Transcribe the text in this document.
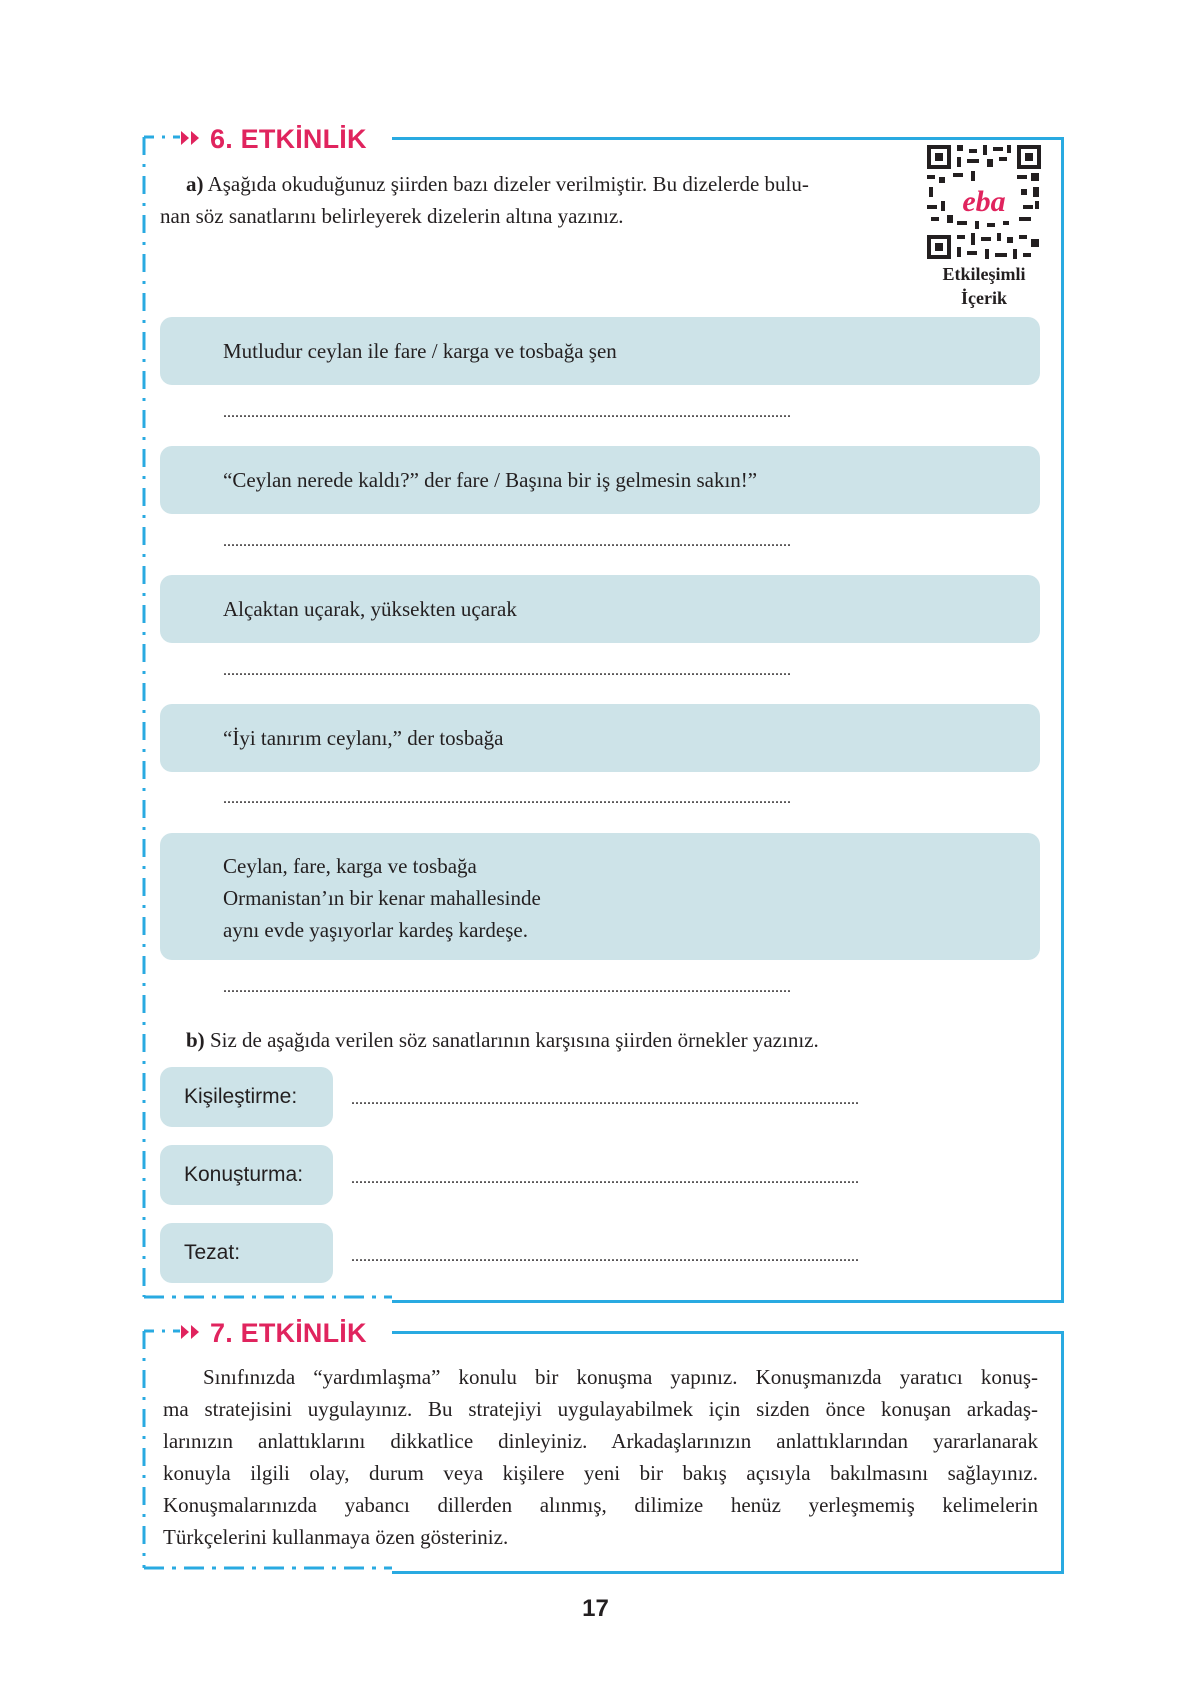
6. ETKİNLİK
a) Aşağıda okuduğunuz şiirden bazı dizeler verilmiştir. Bu dizelerde bulu-
nan söz sanatlarını belirleyerek dizelerin altına yazınız.	eba
Etkileşimli
İçerik
Mutludur ceylan ile fare / karga ve tosbağa şen
..............................................................................................................................................
“Ceylan nerede kaldı?” der fare / Başına bir iş gelmesin sakın!”
..............................................................................................................................................
Alçaktan uçarak, yüksekten uçarak
..............................................................................................................................................
“İyi tanırım ceylanı,” der tosbağa
..............................................................................................................................................
Ceylan, fare, karga ve tosbağa
Ormanistan’ın bir kenar mahallesinde
aynı evde yaşıyorlar kardeş kardeşe.
..............................................................................................................................................
b) Siz de aşağıda verilen söz sanatlarının karşısına şiirden örnekler yazınız.
Kişileştirme:	...............................................................................................................................
Konuşturma:	...............................................................................................................................
Tezat:	...............................................................................................................................
7. ETKİNLİK
Sınıfınızda “yardımlaşma” konulu bir konuşma yapınız. Konuşmanızda yaratıcı konuş-
ma stratejisini uygulayınız. Bu stratejiyi uygulayabilmek için sizden önce konuşan arkadaş-
larınızın anlattıklarını dikkatlice dinleyiniz. Arkadaşlarınızın anlattıklarından yararlanarak
konuyla ilgili olay, durum veya kişilere yeni bir bakış açısıyla bakılmasını sağlayınız.
Konuşmalarınızda yabancı dillerden alınmış, dilimize henüz yerleşmemiş kelimelerin
Türkçelerini kullanmaya özen gösteriniz.
17
